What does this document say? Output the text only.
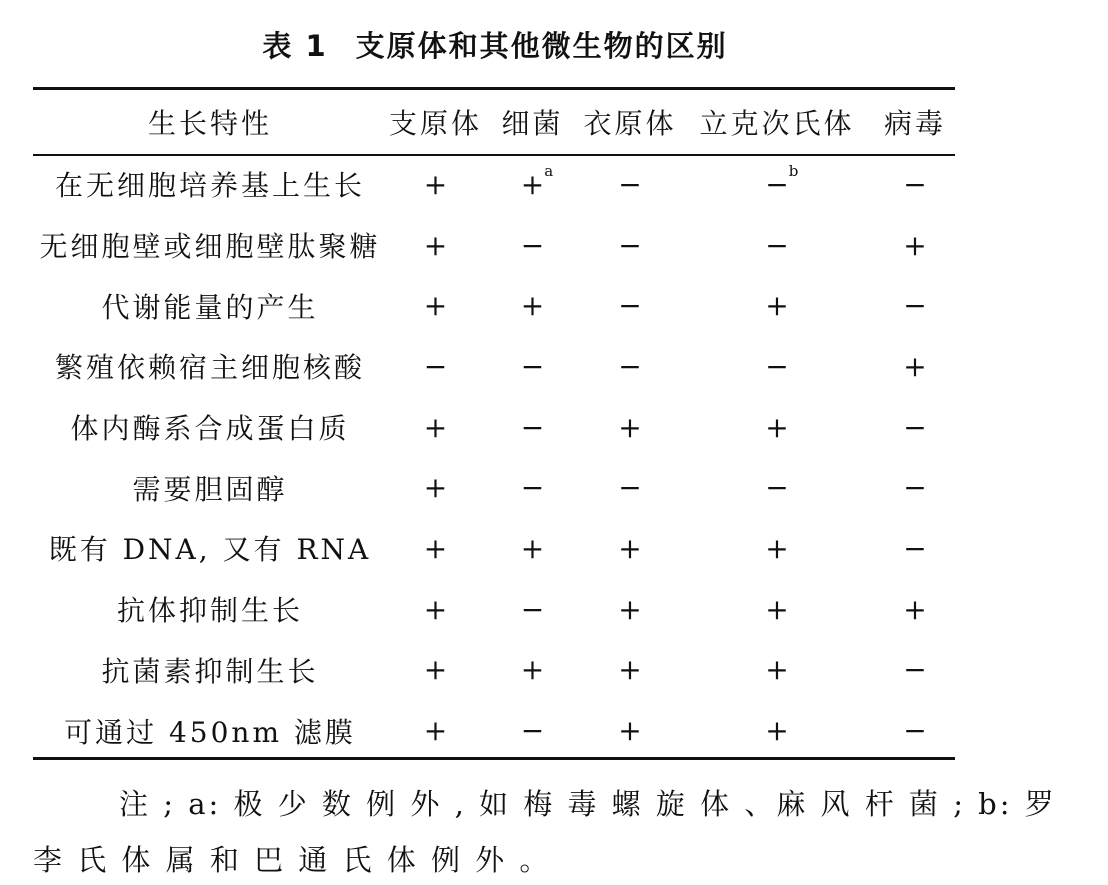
表 1 支原体和其他微生物的区别
生长特性	支原体	细菌	衣原体	立克次氏体	病毒
在无细胞培养基上生长	+	+ a	−	− b	−
无细胞壁或细胞壁肽聚糖	+	−	−	−	+
代谢能量的产生	+	+	−	+	−
繁殖依赖宿主细胞核酸	−	−	−	−	+
体内酶系合成蛋白质	+	−	+	+	−
需要胆固醇	+	−	−	−	−
既有 DNA, 又有 RNA	+	+	+	+	−
抗体抑制生长	+	−	+	+	+
抗菌素抑制生长	+	+	+	+	−
可通过 450nm 滤膜	+	−	+	+	−
注 ; a: 极 少 数 例 外 , 如 梅 毒 螺 旋 体 、麻 风 杆 菌 ; b: 罗
李 氏 体 属 和 巴 通 氏 体 例 外 。
